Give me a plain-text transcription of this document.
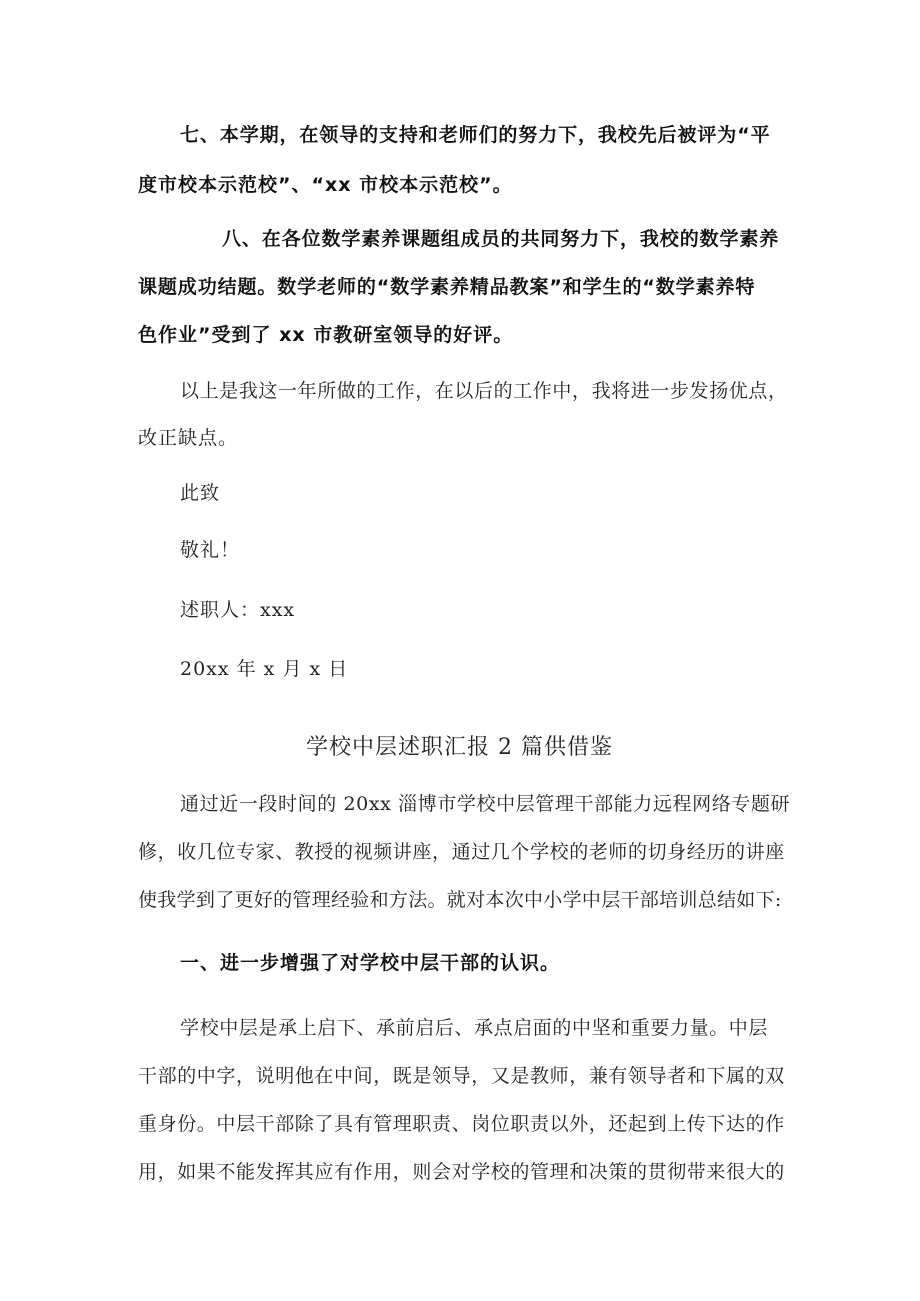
七、本学期，在领导的支持和老师们的努力下，我校先后被评为“平
度市校本示范校”、“xx 市校本示范校”。
八、在各位数学素养课题组成员的共同努力下，我校的数学素养
课题成功结题。数学老师的“数学素养精品教案”和学生的“数学素养特
色作业”受到了 xx 市教研室领导的好评。
以上是我这一年所做的工作，在以后的工作中，我将进一步发扬优点，
改正缺点。
此致
敬礼！
述职人：xxx
20xx 年 x 月 x 日
学校中层述职汇报 2 篇供借鉴
通过近一段时间的 20xx 淄博市学校中层管理干部能力远程网络专题研
修，收几位专家、教授的视频讲座，通过几个学校的老师的切身经历的讲座
使我学到了更好的管理经验和方法。就对本次中小学中层干部培训总结如下:
一、进一步增强了对学校中层干部的认识。
学校中层是承上启下、承前启后、承点启面的中坚和重要力量。中层
干部的中字，说明他在中间，既是领导，又是教师，兼有领导者和下属的双
重身份。中层干部除了具有管理职责、岗位职责以外，还起到上传下达的作
用，如果不能发挥其应有作用，则会对学校的管理和决策的贯彻带来很大的
